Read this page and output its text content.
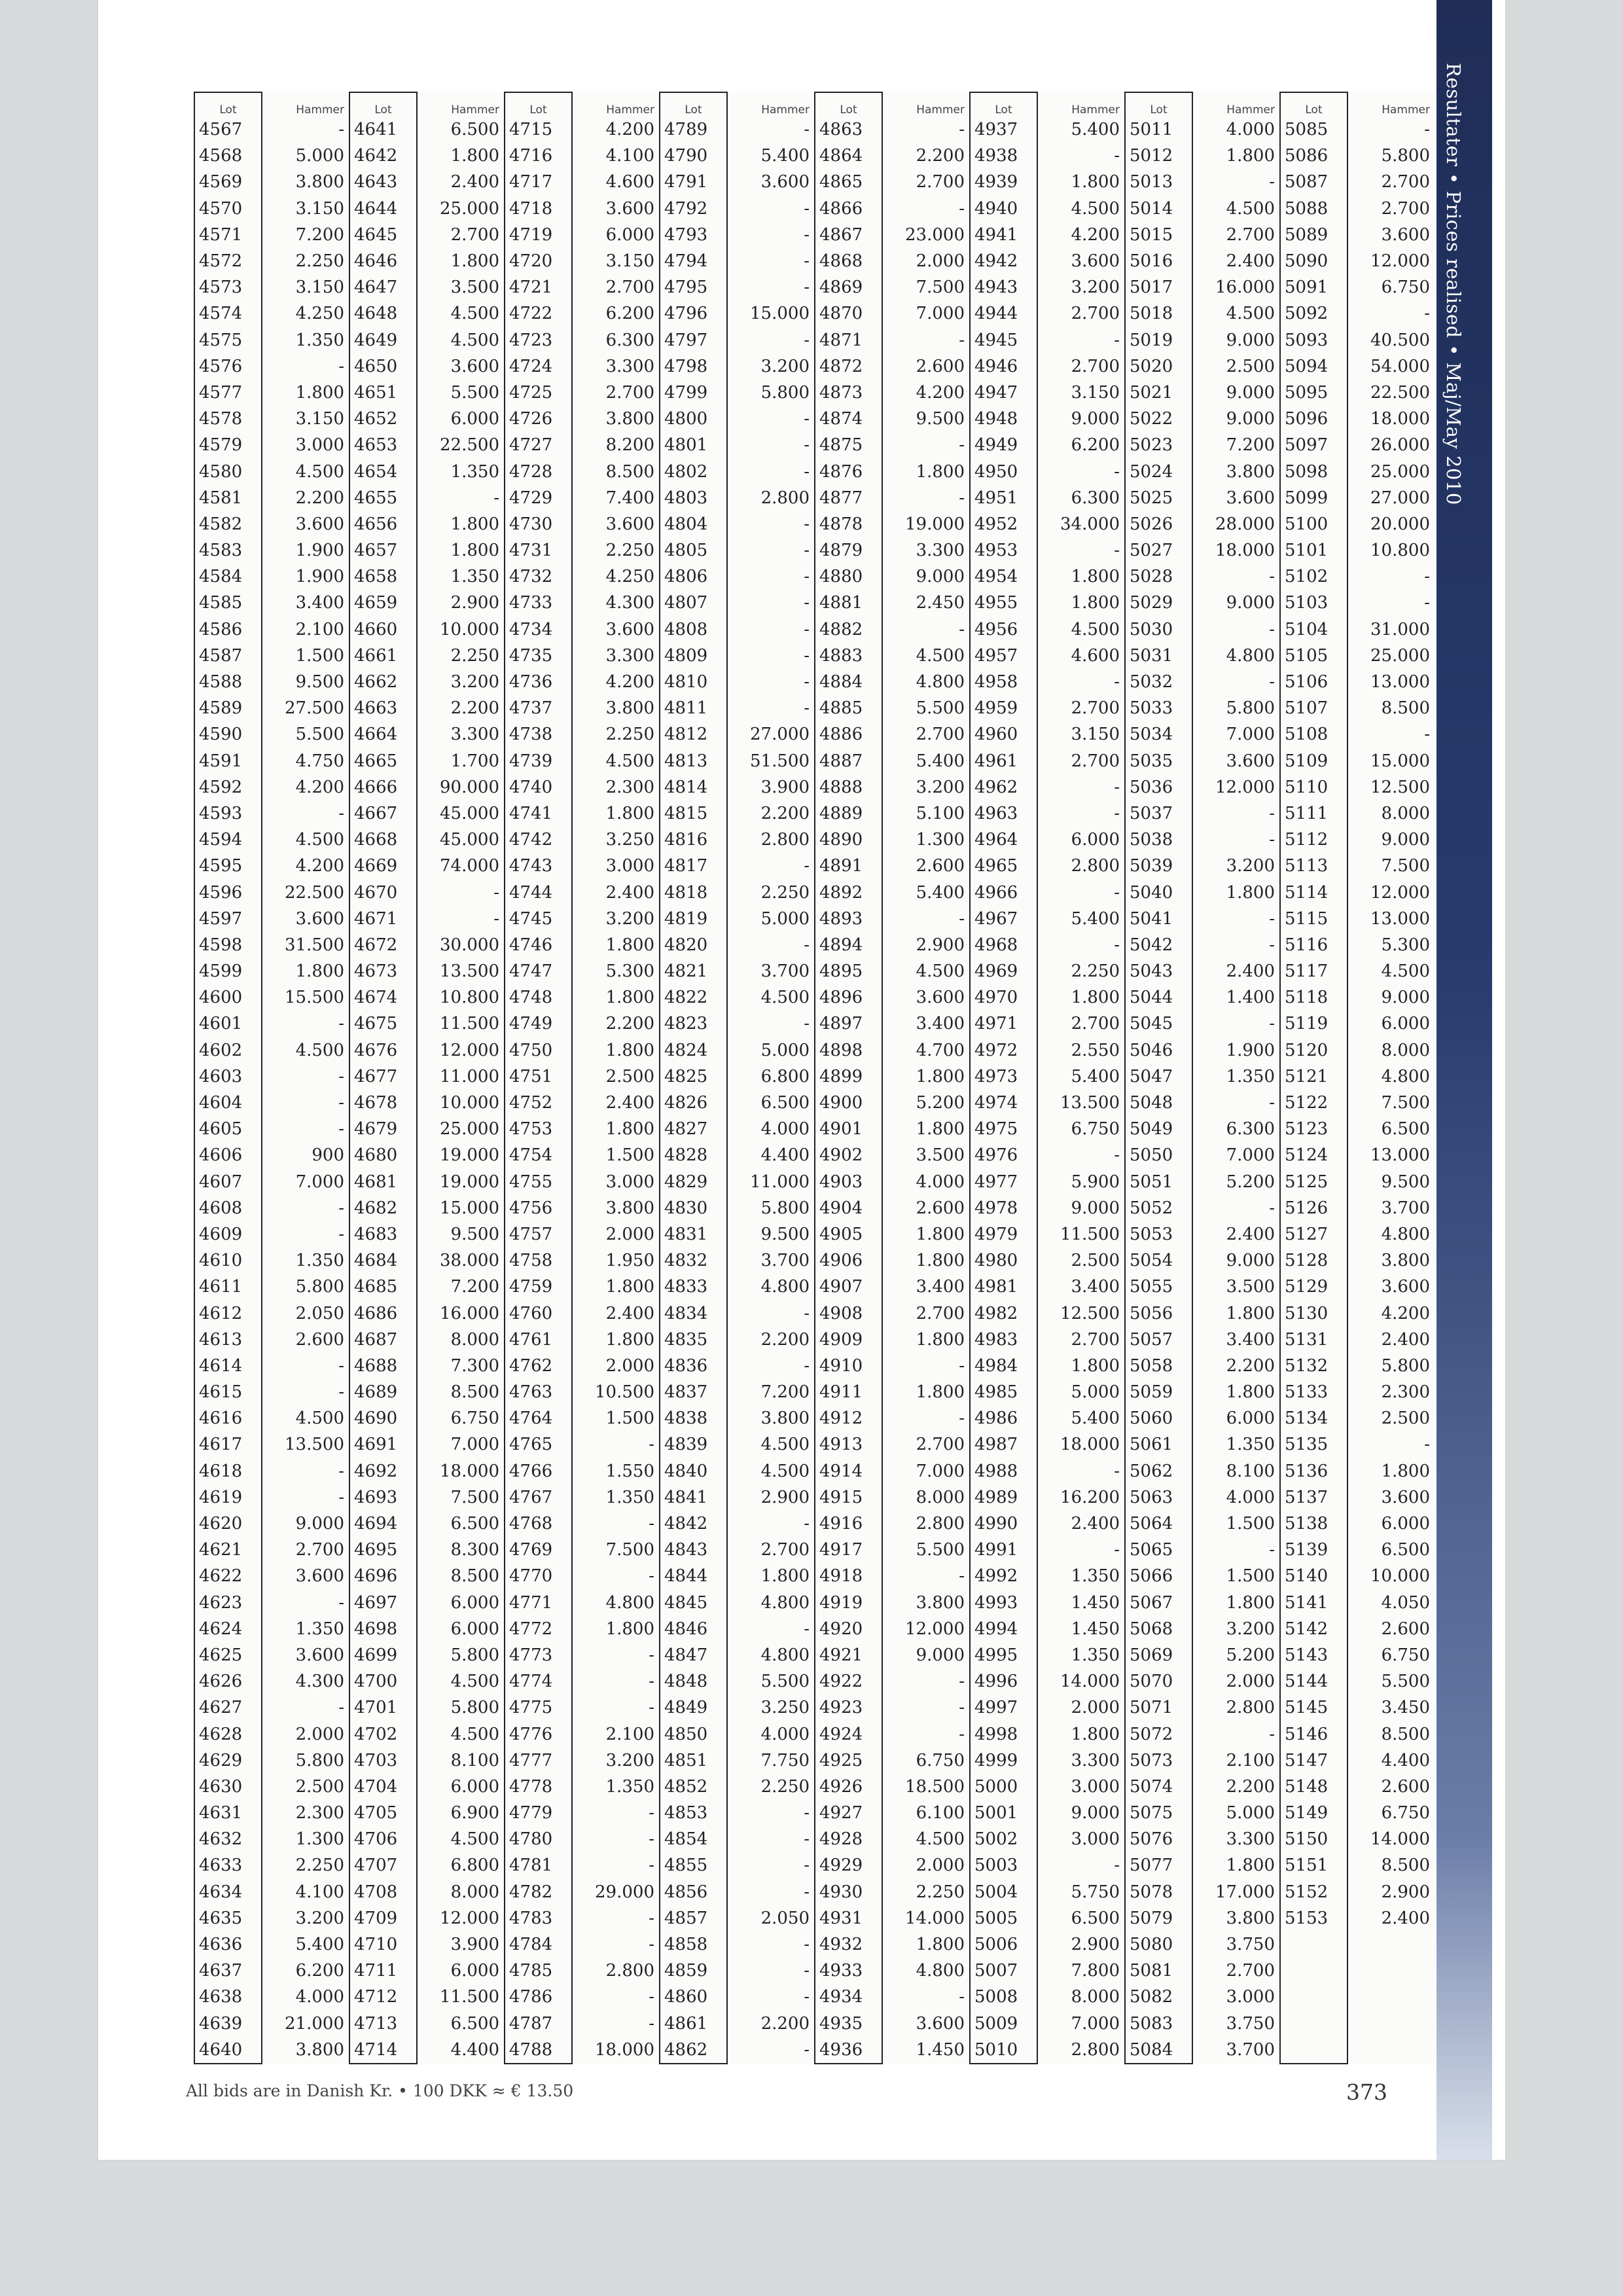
Resultater • Prices realised • Maj/May 2010
Lot	Hammer	Lot	Hammer	Lot	Hammer	Lot	Hammer	Lot	Hammer	Lot	Hammer	Lot	Hammer	Lot	Hammer
4567	-	4641	6.500	4715	4.200	4789	-	4863	-	4937	5.400	5011	4.000	5085	-
4568	5.000	4642	1.800	4716	4.100	4790	5.400	4864	2.200	4938	-	5012	1.800	5086	5.800
4569	3.800	4643	2.400	4717	4.600	4791	3.600	4865	2.700	4939	1.800	5013	-	5087	2.700
4570	3.150	4644	25.000	4718	3.600	4792	-	4866	-	4940	4.500	5014	4.500	5088	2.700
4571	7.200	4645	2.700	4719	6.000	4793	-	4867	23.000	4941	4.200	5015	2.700	5089	3.600
4572	2.250	4646	1.800	4720	3.150	4794	-	4868	2.000	4942	3.600	5016	2.400	5090	12.000
4573	3.150	4647	3.500	4721	2.700	4795	-	4869	7.500	4943	3.200	5017	16.000	5091	6.750
4574	4.250	4648	4.500	4722	6.200	4796	15.000	4870	7.000	4944	2.700	5018	4.500	5092	-
4575	1.350	4649	4.500	4723	6.300	4797	-	4871	-	4945	-	5019	9.000	5093	40.500
4576	-	4650	3.600	4724	3.300	4798	3.200	4872	2.600	4946	2.700	5020	2.500	5094	54.000
4577	1.800	4651	5.500	4725	2.700	4799	5.800	4873	4.200	4947	3.150	5021	9.000	5095	22.500
4578	3.150	4652	6.000	4726	3.800	4800	-	4874	9.500	4948	9.000	5022	9.000	5096	18.000
4579	3.000	4653	22.500	4727	8.200	4801	-	4875	-	4949	6.200	5023	7.200	5097	26.000
4580	4.500	4654	1.350	4728	8.500	4802	-	4876	1.800	4950	-	5024	3.800	5098	25.000
4581	2.200	4655	-	4729	7.400	4803	2.800	4877	-	4951	6.300	5025	3.600	5099	27.000
4582	3.600	4656	1.800	4730	3.600	4804	-	4878	19.000	4952	34.000	5026	28.000	5100	20.000
4583	1.900	4657	1.800	4731	2.250	4805	-	4879	3.300	4953	-	5027	18.000	5101	10.800
4584	1.900	4658	1.350	4732	4.250	4806	-	4880	9.000	4954	1.800	5028	-	5102	-
4585	3.400	4659	2.900	4733	4.300	4807	-	4881	2.450	4955	1.800	5029	9.000	5103	-
4586	2.100	4660	10.000	4734	3.600	4808	-	4882	-	4956	4.500	5030	-	5104	31.000
4587	1.500	4661	2.250	4735	3.300	4809	-	4883	4.500	4957	4.600	5031	4.800	5105	25.000
4588	9.500	4662	3.200	4736	4.200	4810	-	4884	4.800	4958	-	5032	-	5106	13.000
4589	27.500	4663	2.200	4737	3.800	4811	-	4885	5.500	4959	2.700	5033	5.800	5107	8.500
4590	5.500	4664	3.300	4738	2.250	4812	27.000	4886	2.700	4960	3.150	5034	7.000	5108	-
4591	4.750	4665	1.700	4739	4.500	4813	51.500	4887	5.400	4961	2.700	5035	3.600	5109	15.000
4592	4.200	4666	90.000	4740	2.300	4814	3.900	4888	3.200	4962	-	5036	12.000	5110	12.500
4593	-	4667	45.000	4741	1.800	4815	2.200	4889	5.100	4963	-	5037	-	5111	8.000
4594	4.500	4668	45.000	4742	3.250	4816	2.800	4890	1.300	4964	6.000	5038	-	5112	9.000
4595	4.200	4669	74.000	4743	3.000	4817	-	4891	2.600	4965	2.800	5039	3.200	5113	7.500
4596	22.500	4670	-	4744	2.400	4818	2.250	4892	5.400	4966	-	5040	1.800	5114	12.000
4597	3.600	4671	-	4745	3.200	4819	5.000	4893	-	4967	5.400	5041	-	5115	13.000
4598	31.500	4672	30.000	4746	1.800	4820	-	4894	2.900	4968	-	5042	-	5116	5.300
4599	1.800	4673	13.500	4747	5.300	4821	3.700	4895	4.500	4969	2.250	5043	2.400	5117	4.500
4600	15.500	4674	10.800	4748	1.800	4822	4.500	4896	3.600	4970	1.800	5044	1.400	5118	9.000
4601	-	4675	11.500	4749	2.200	4823	-	4897	3.400	4971	2.700	5045	-	5119	6.000
4602	4.500	4676	12.000	4750	1.800	4824	5.000	4898	4.700	4972	2.550	5046	1.900	5120	8.000
4603	-	4677	11.000	4751	2.500	4825	6.800	4899	1.800	4973	5.400	5047	1.350	5121	4.800
4604	-	4678	10.000	4752	2.400	4826	6.500	4900	5.200	4974	13.500	5048	-	5122	7.500
4605	-	4679	25.000	4753	1.800	4827	4.000	4901	1.800	4975	6.750	5049	6.300	5123	6.500
4606	900	4680	19.000	4754	1.500	4828	4.400	4902	3.500	4976	-	5050	7.000	5124	13.000
4607	7.000	4681	19.000	4755	3.000	4829	11.000	4903	4.000	4977	5.900	5051	5.200	5125	9.500
4608	-	4682	15.000	4756	3.800	4830	5.800	4904	2.600	4978	9.000	5052	-	5126	3.700
4609	-	4683	9.500	4757	2.000	4831	9.500	4905	1.800	4979	11.500	5053	2.400	5127	4.800
4610	1.350	4684	38.000	4758	1.950	4832	3.700	4906	1.800	4980	2.500	5054	9.000	5128	3.800
4611	5.800	4685	7.200	4759	1.800	4833	4.800	4907	3.400	4981	3.400	5055	3.500	5129	3.600
4612	2.050	4686	16.000	4760	2.400	4834	-	4908	2.700	4982	12.500	5056	1.800	5130	4.200
4613	2.600	4687	8.000	4761	1.800	4835	2.200	4909	1.800	4983	2.700	5057	3.400	5131	2.400
4614	-	4688	7.300	4762	2.000	4836	-	4910	-	4984	1.800	5058	2.200	5132	5.800
4615	-	4689	8.500	4763	10.500	4837	7.200	4911	1.800	4985	5.000	5059	1.800	5133	2.300
4616	4.500	4690	6.750	4764	1.500	4838	3.800	4912	-	4986	5.400	5060	6.000	5134	2.500
4617	13.500	4691	7.000	4765	-	4839	4.500	4913	2.700	4987	18.000	5061	1.350	5135	-
4618	-	4692	18.000	4766	1.550	4840	4.500	4914	7.000	4988	-	5062	8.100	5136	1.800
4619	-	4693	7.500	4767	1.350	4841	2.900	4915	8.000	4989	16.200	5063	4.000	5137	3.600
4620	9.000	4694	6.500	4768	-	4842	-	4916	2.800	4990	2.400	5064	1.500	5138	6.000
4621	2.700	4695	8.300	4769	7.500	4843	2.700	4917	5.500	4991	-	5065	-	5139	6.500
4622	3.600	4696	8.500	4770	-	4844	1.800	4918	-	4992	1.350	5066	1.500	5140	10.000
4623	-	4697	6.000	4771	4.800	4845	4.800	4919	3.800	4993	1.450	5067	1.800	5141	4.050
4624	1.350	4698	6.000	4772	1.800	4846	-	4920	12.000	4994	1.450	5068	3.200	5142	2.600
4625	3.600	4699	5.800	4773	-	4847	4.800	4921	9.000	4995	1.350	5069	5.200	5143	6.750
4626	4.300	4700	4.500	4774	-	4848	5.500	4922	-	4996	14.000	5070	2.000	5144	5.500
4627	-	4701	5.800	4775	-	4849	3.250	4923	-	4997	2.000	5071	2.800	5145	3.450
4628	2.000	4702	4.500	4776	2.100	4850	4.000	4924	-	4998	1.800	5072	-	5146	8.500
4629	5.800	4703	8.100	4777	3.200	4851	7.750	4925	6.750	4999	3.300	5073	2.100	5147	4.400
4630	2.500	4704	6.000	4778	1.350	4852	2.250	4926	18.500	5000	3.000	5074	2.200	5148	2.600
4631	2.300	4705	6.900	4779	-	4853	-	4927	6.100	5001	9.000	5075	5.000	5149	6.750
4632	1.300	4706	4.500	4780	-	4854	-	4928	4.500	5002	3.000	5076	3.300	5150	14.000
4633	2.250	4707	6.800	4781	-	4855	-	4929	2.000	5003	-	5077	1.800	5151	8.500
4634	4.100	4708	8.000	4782	29.000	4856	-	4930	2.250	5004	5.750	5078	17.000	5152	2.900
4635	3.200	4709	12.000	4783	-	4857	2.050	4931	14.000	5005	6.500	5079	3.800	5153	2.400
4636	5.400	4710	3.900	4784	-	4858	-	4932	1.800	5006	2.900	5080	3.750		
4637	6.200	4711	6.000	4785	2.800	4859	-	4933	4.800	5007	7.800	5081	2.700		
4638	4.000	4712	11.500	4786	-	4860	-	4934	-	5008	8.000	5082	3.000		
4639	21.000	4713	6.500	4787	-	4861	2.200	4935	3.600	5009	7.000	5083	3.750		
4640	3.800	4714	4.400	4788	18.000	4862	-	4936	1.450	5010	2.800	5084	3.700		
All bids are in Danish Kr. • 100 DKK ≈ € 13.50	373
